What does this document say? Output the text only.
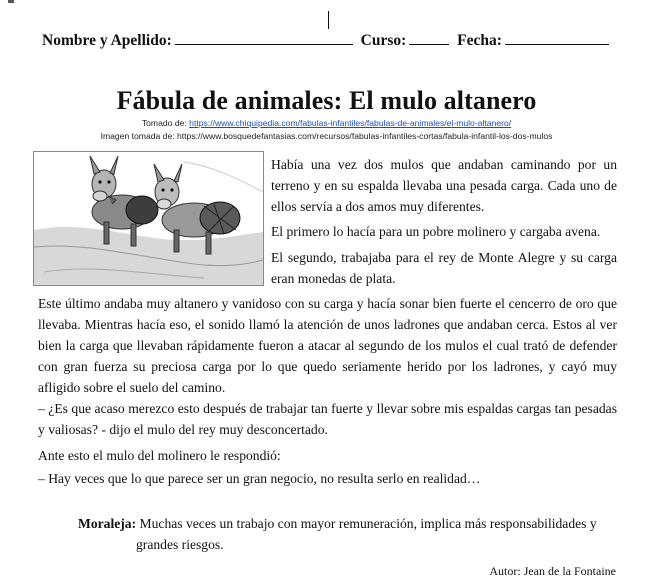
Nombre y Apellido:	Curso:	Fecha:
Fábula de animales: El mulo altanero
Tomado de: https://www.chiquipedia.com/fabulas-infantiles/fabulas-de-animales/el-mulo-altanero/
Imagen tomada de: https://www.bosquedefantasias.com/recursos/fabulas-infantiles-cortas/fabula-infantil-los-dos-mulos
Había una vez dos mulos que andaban caminando por un terreno y en su espalda llevaba una pesada carga. Cada uno de ellos servía a dos amos muy diferentes.
El primero lo hacía para un pobre molinero y cargaba avena.
El segundo, trabajaba para el rey de Monte Alegre y su carga eran monedas de plata.
Este último andaba muy altanero y vanidoso con su carga y hacía sonar bien fuerte el cencerro de oro que llevaba. Mientras hacía eso, el sonido llamó la atención de unos ladrones que andaban cerca. Estos al ver bien la carga que llevaban rápidamente fueron a atacar al segundo de los mulos el cual trató de defender con gran fuerza su preciosa carga por lo que quedo seriamente herido por los ladrones, y cayó muy afligido sobre el suelo del camino.
– ¿Es que acaso merezco esto después de trabajar tan fuerte y llevar sobre mis espaldas cargas tan pesadas y valiosas? - dijo el mulo del rey muy desconcertado.
Ante esto el mulo del molinero le respondió:
– Hay veces que lo que parece ser un gran negocio, no resulta serlo en realidad…
Moraleja: Muchas veces un trabajo con mayor remuneración, implica más responsabilidades y
grandes riesgos.
Autor: Jean de la Fontaine
